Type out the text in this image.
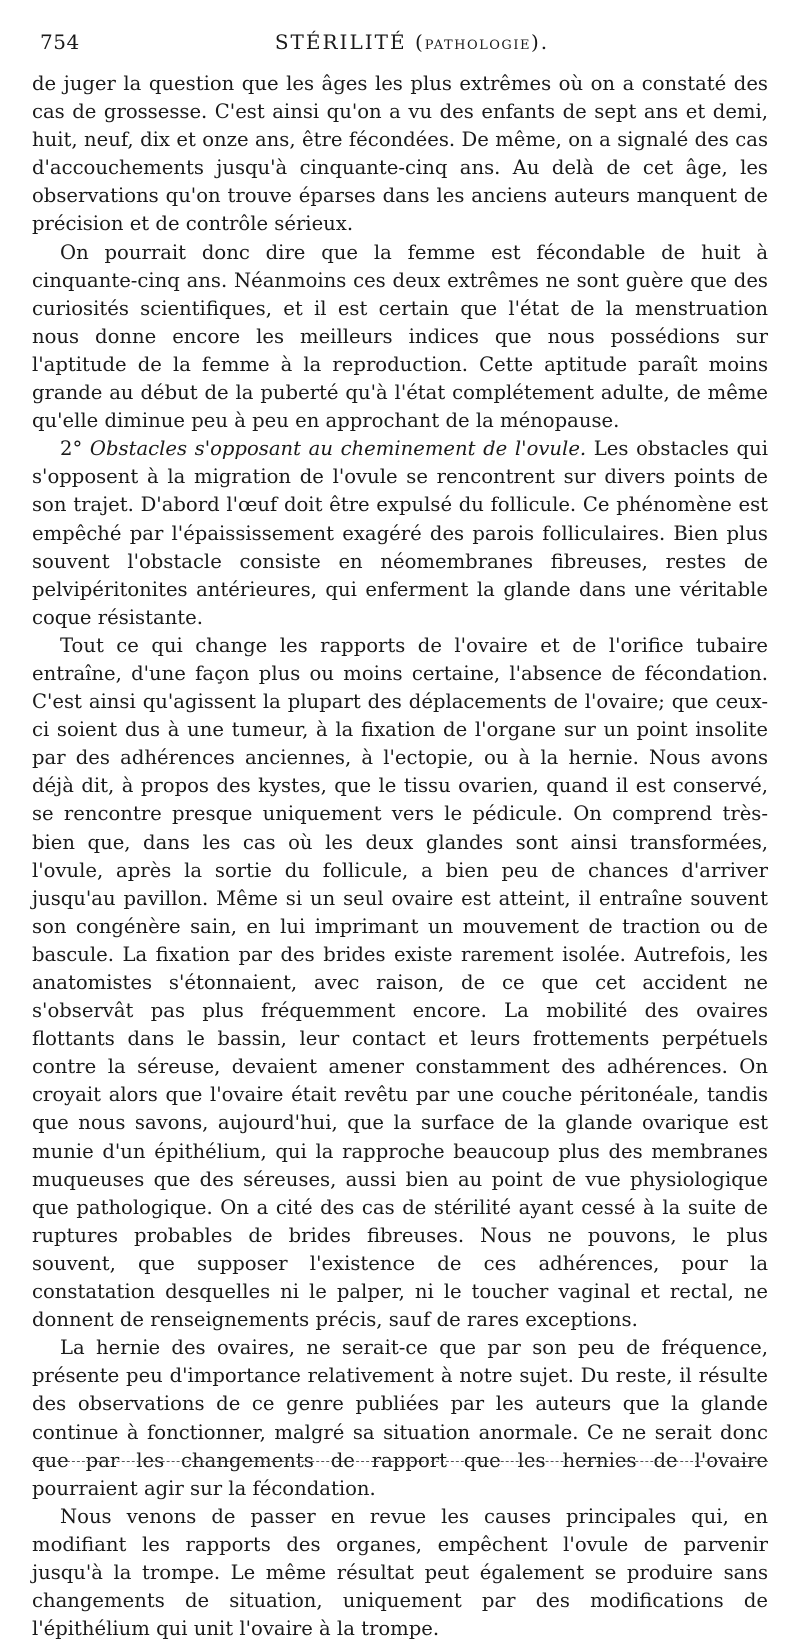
754	STÉRILITÉ (PATHOLOGIE).

de juger la question que les âges les plus extrêmes où on a constaté des cas de grossesse. C'est ainsi qu'on a vu des enfants de sept ans et demi, huit, neuf, dix et onze ans, être fécondées. De même, on a signalé des cas d'accouchements jusqu'à cinquante-cinq ans. Au delà de cet âge, les observations qu'on trouve éparses dans les anciens auteurs manquent de précision et de contrôle sérieux.

On pourrait donc dire que la femme est fécondable de huit à cinquante-cinq ans. Néanmoins ces deux extrêmes ne sont guère que des curiosités scientifiques, et il est certain que l'état de la menstruation nous donne encore les meilleurs indices que nous possédions sur l'aptitude de la femme à la reproduction. Cette aptitude paraît moins grande au début de la puberté qu'à l'état complétement adulte, de même qu'elle diminue peu à peu en approchant de la ménopause.

2° Obstacles s'opposant au cheminement de l'ovule. Les obstacles qui s'opposent à la migration de l'ovule se rencontrent sur divers points de son trajet. D'abord l'œuf doit être expulsé du follicule. Ce phénomène est empêché par l'épaississement exagéré des parois folliculaires. Bien plus souvent l'obstacle consiste en néomembranes fibreuses, restes de pelvipéritonites antérieures, qui enferment la glande dans une véritable coque résistante.

Tout ce qui change les rapports de l'ovaire et de l'orifice tubaire entraîne, d'une façon plus ou moins certaine, l'absence de fécondation. C'est ainsi qu'agissent la plupart des déplacements de l'ovaire; que ceux-ci soient dus à une tumeur, à la fixation de l'organe sur un point insolite par des adhérences anciennes, à l'ectopie, ou à la hernie. Nous avons déjà dit, à propos des kystes, que le tissu ovarien, quand il est conservé, se rencontre presque uniquement vers le pédicule. On comprend très-bien que, dans les cas où les deux glandes sont ainsi transformées, l'ovule, après la sortie du follicule, a bien peu de chances d'arriver jusqu'au pavillon. Même si un seul ovaire est atteint, il entraîne souvent son congénère sain, en lui imprimant un mouvement de traction ou de bascule. La fixation par des brides existe rarement isolée. Autrefois, les anatomistes s'étonnaient, avec raison, de ce que cet accident ne s'observât pas plus fréquemment encore. La mobilité des ovaires flottants dans le bassin, leur contact et leurs frottements perpétuels contre la séreuse, devaient amener constamment des adhérences. On croyait alors que l'ovaire était revêtu par une couche péritonéale, tandis que nous savons, aujourd'hui, que la surface de la glande ovarique est munie d'un épithélium, qui la rapproche beaucoup plus des membranes muqueuses que des séreuses, aussi bien au point de vue physiologique que pathologique. On a cité des cas de stérilité ayant cessé à la suite de ruptures probables de brides fibreuses. Nous ne pouvons, le plus souvent, que supposer l'existence de ces adhérences, pour la constatation desquelles ni le palper, ni le toucher vaginal et rectal, ne donnent de renseignements précis, sauf de rares exceptions.

La hernie des ovaires, ne serait-ce que par son peu de fréquence, présente peu d'importance relativement à notre sujet. Du reste, il résulte des observations de ce genre publiées par les auteurs que la glande continue à fonctionner, malgré sa situation anormale. Ce ne serait donc que par les changements de rapport que les hernies de l'ovaire pourraient agir sur la fécondation.

Nous venons de passer en revue les causes principales qui, en modifiant les rapports des organes, empêchent l'ovule de parvenir jusqu'à la trompe. Le même résultat peut également se produire sans changements de situation, uniquement par des modifications de l'épithélium qui unit l'ovaire à la trompe.
